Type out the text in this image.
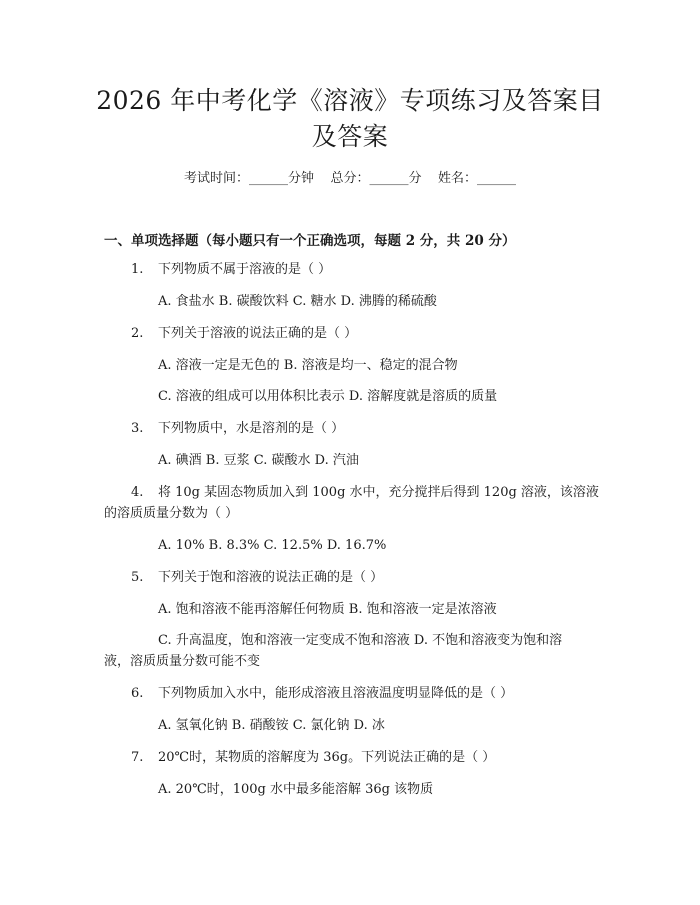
2026 年中考化学《溶液》专项练习及答案目
及答案
考试时间：______分钟    总分：______分    姓名：______
一、单项选择题（每小题只有一个正确选项，每题 2 分，共 20 分）
1. 下列物质不属于溶液的是（ ）
A. 食盐水 B. 碳酸饮料 C. 糖水 D. 沸腾的稀硫酸
2. 下列关于溶液的说法正确的是（ ）
A. 溶液一定是无色的 B. 溶液是均一、稳定的混合物
C. 溶液的组成可以用体积比表示 D. 溶解度就是溶质的质量
3. 下列物质中，水是溶剂的是（ ）
A. 碘酒 B. 豆浆 C. 碳酸水 D. 汽油
4. 将 10g 某固态物质加入到 100g 水中，充分搅拌后得到 120g 溶液，该溶液
的溶质质量分数为（ ）
A. 10% B. 8.3% C. 12.5% D. 16.7%
5. 下列关于饱和溶液的说法正确的是（ ）
A. 饱和溶液不能再溶解任何物质 B. 饱和溶液一定是浓溶液
C. 升高温度，饱和溶液一定变成不饱和溶液 D. 不饱和溶液变为饱和溶
液，溶质质量分数可能不变
6. 下列物质加入水中，能形成溶液且溶液温度明显降低的是（ ）
A. 氢氧化钠 B. 硝酸铵 C. 氯化钠 D. 冰
7. 20℃时，某物质的溶解度为 36g。下列说法正确的是（ ）
A. 20℃时，100g 水中最多能溶解 36g 该物质
